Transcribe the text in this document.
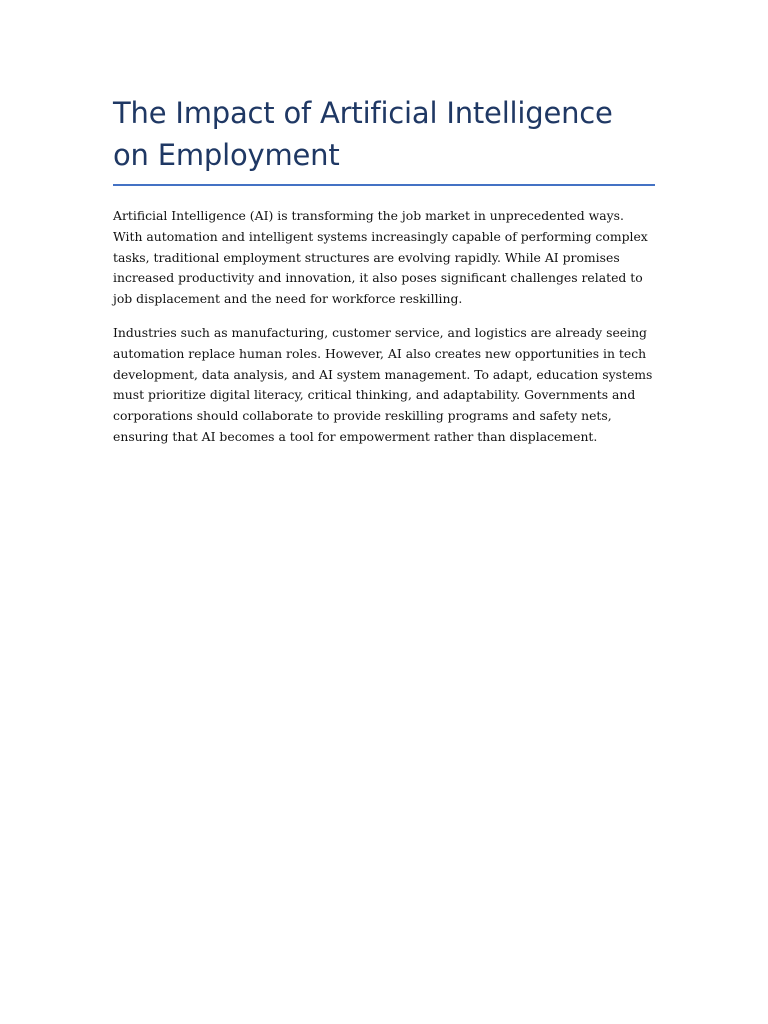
The Impact of Artificial Intelligence on Employment

Artificial Intelligence (AI) is transforming the job market in unprecedented ways. With automation and intelligent systems increasingly capable of performing complex tasks, traditional employment structures are evolving rapidly. While AI promises increased productivity and innovation, it also poses significant challenges related to job displacement and the need for workforce reskilling.

Industries such as manufacturing, customer service, and logistics are already seeing automation replace human roles. However, AI also creates new opportunities in tech development, data analysis, and AI system management. To adapt, education systems must prioritize digital literacy, critical thinking, and adaptability. Governments and corporations should collaborate to provide reskilling programs and safety nets, ensuring that AI becomes a tool for empowerment rather than displacement.
